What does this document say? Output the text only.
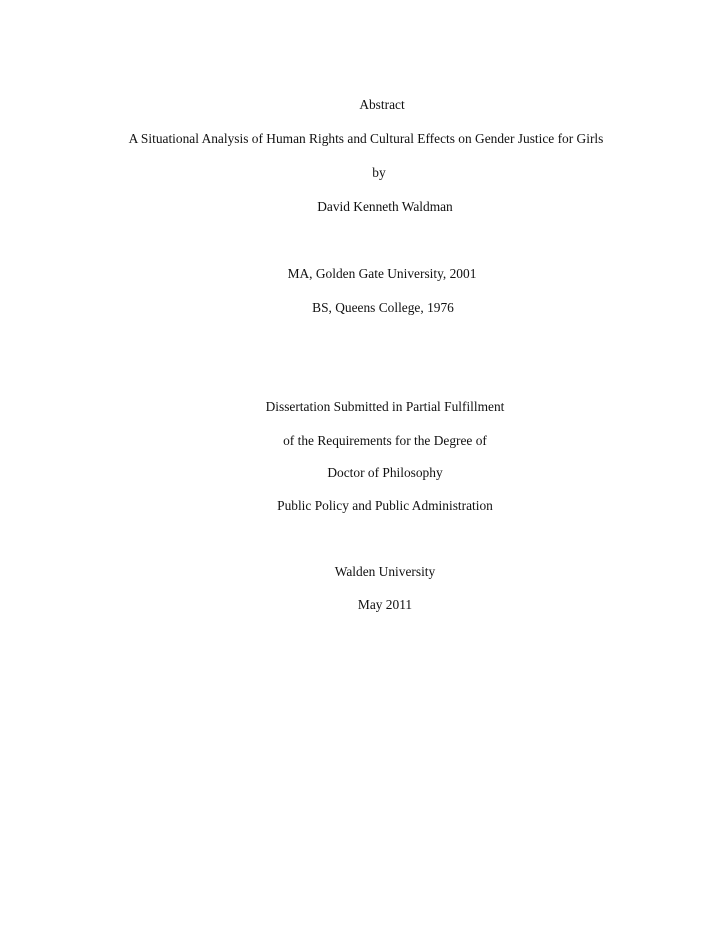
Abstract
A Situational Analysis of Human Rights and Cultural Effects on Gender Justice for Girls
by
David Kenneth Waldman
MA, Golden Gate University, 2001
BS, Queens College, 1976
Dissertation Submitted in Partial Fulfillment
of the Requirements for the Degree of
Doctor of Philosophy
Public Policy and Public Administration
Walden University
May 2011
